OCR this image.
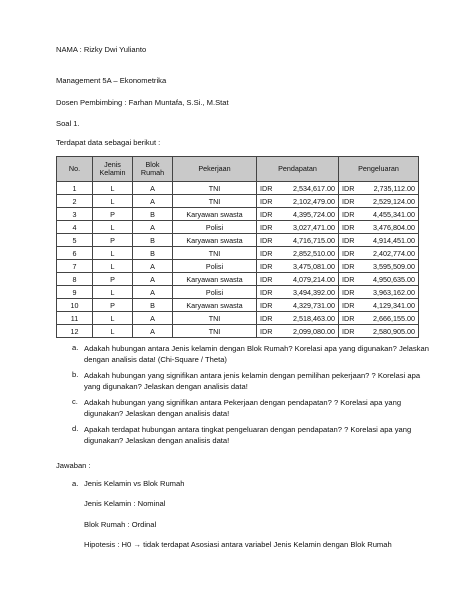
NAMA : Rizky Dwi Yulianto
Management 5A – Ekonometrika
Dosen Pembimbing : Farhan Muntafa, S.Si., M.Stat
Soal 1.
Terdapat data sebagai berikut :
No.	Jenis Kelamin	Blok Rumah	Pekerjaan	Pendapatan	Pengeluaran
1	L	A	TNI	IDR 2,534,617.00	IDR 2,735,112.00

2	L	A	TNI	IDR 2,102,479.00	IDR 2,529,124.00

3	P	B	Karyawan swasta	IDR 4,395,724.00	IDR 4,455,341.00

4	L	A	Polisi	IDR 3,027,471.00	IDR 3,476,804.00

5	P	B	Karyawan swasta	IDR 4,716,715.00	IDR 4,914,451.00

6	L	B	TNI	IDR 2,852,510.00	IDR 2,402,774.00

7	L	A	Polisi	IDR 3,475,081.00	IDR 3,595,509.00

8	P	A	Karyawan swasta	IDR 4,079,214.00	IDR 4,950,635.00

9	L	A	Polisi	IDR 3,494,392.00	IDR 3,963,162.00

10	P	B	Karyawan swasta	IDR 4,329,731.00	IDR 4,129,341.00

11	L	A	TNI	IDR 2,518,463.00	IDR 2,666,155.00

12	L	A	TNI	IDR 2,099,080.00	IDR 2,580,905.00
a. Adakah hubungan antara Jenis kelamin dengan Blok Rumah? Korelasi apa yang digunakan? Jelaskan dengan analisis data! (Chi-Square / Theta)
b. Adakah hubungan yang signifikan antara jenis kelamin dengan pemilihan pekerjaan? ? Korelasi apa yang digunakan? Jelaskan dengan analisis data!
c. Adakah hubungan yang signifikan antara Pekerjaan dengan pendapatan? ? Korelasi apa yang digunakan? Jelaskan dengan analisis data!
d. Apakah terdapat hubungan antara tingkat pengeluaran dengan pendapatan? ? Korelasi apa yang digunakan? Jelaskan dengan analisis data!
Jawaban :
a. Jenis Kelamin vs Blok Rumah
Jenis Kelamin : Nominal
Blok Rumah : Ordinal
Hipotesis : H0 → tidak terdapat Asosiasi antara variabel Jenis Kelamin dengan Blok Rumah
